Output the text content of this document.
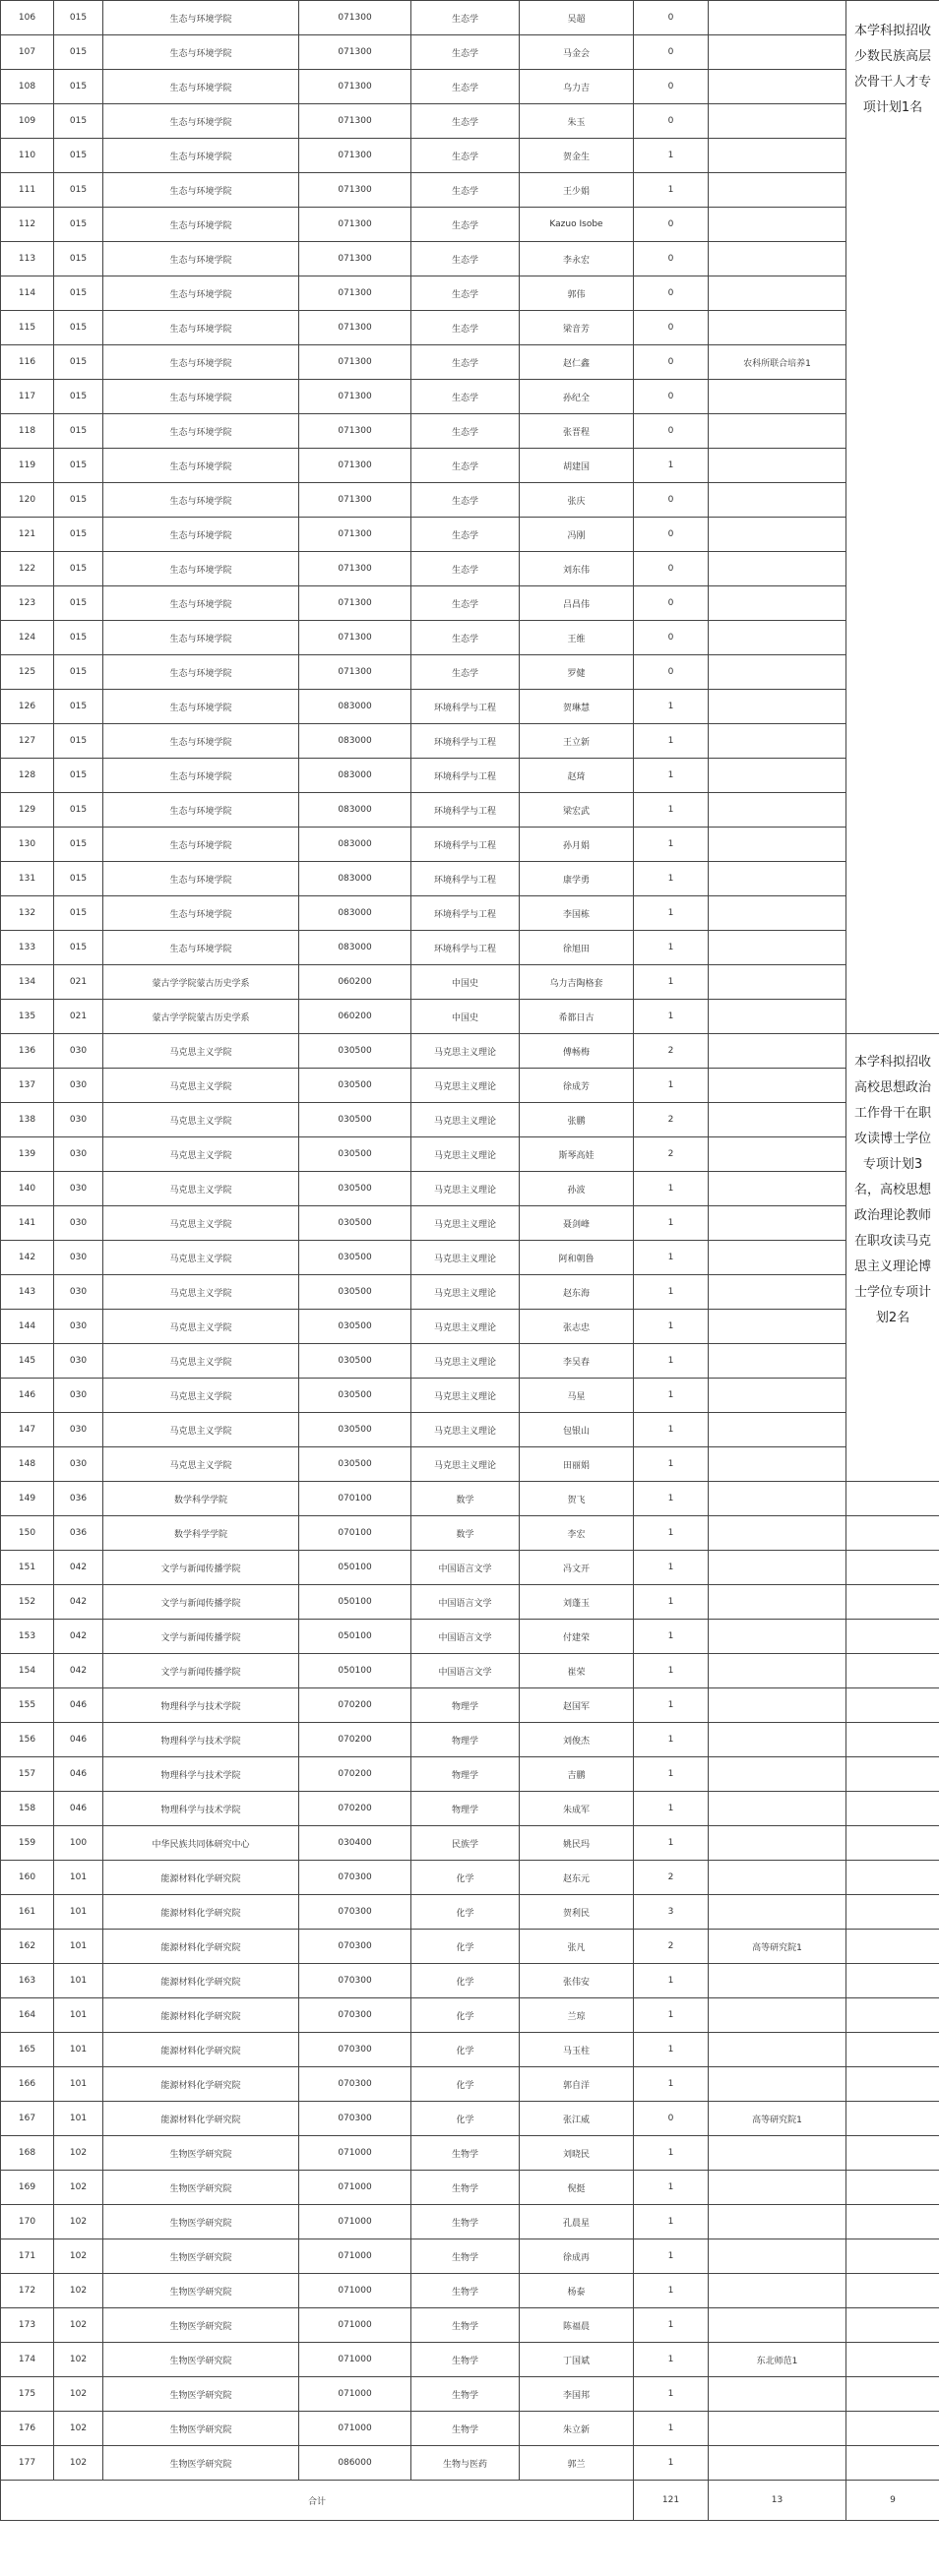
106	015	生态与环境学院	071300	生态学	吴超	0		本学科拟招收少数民族高层次骨干人才专项计划1名
107	015	生态与环境学院	071300	生态学	马金会	0		
108	015	生态与环境学院	071300	生态学	乌力吉	0		
109	015	生态与环境学院	071300	生态学	朱玉	0		
110	015	生态与环境学院	071300	生态学	贺金生	1		
111	015	生态与环境学院	071300	生态学	王少娟	1		
112	015	生态与环境学院	071300	生态学	Kazuo Isobe	0		
113	015	生态与环境学院	071300	生态学	李永宏	0		
114	015	生态与环境学院	071300	生态学	郭伟	0		
115	015	生态与环境学院	071300	生态学	梁音芳	0		
116	015	生态与环境学院	071300	生态学	赵仁鑫	0	农科所联合培养1	
117	015	生态与环境学院	071300	生态学	孙纪全	0		
118	015	生态与环境学院	071300	生态学	张晋程	0		
119	015	生态与环境学院	071300	生态学	胡建国	1		
120	015	生态与环境学院	071300	生态学	张庆	0		
121	015	生态与环境学院	071300	生态学	冯刚	0		
122	015	生态与环境学院	071300	生态学	刘东伟	0		
123	015	生态与环境学院	071300	生态学	吕昌伟	0		
124	015	生态与环境学院	071300	生态学	王维	0		
125	015	生态与环境学院	071300	生态学	罗健	0		
126	015	生态与环境学院	083000	环境科学与工程	贺琳慧	1		
127	015	生态与环境学院	083000	环境科学与工程	王立新	1		
128	015	生态与环境学院	083000	环境科学与工程	赵琦	1		
129	015	生态与环境学院	083000	环境科学与工程	梁宏武	1		
130	015	生态与环境学院	083000	环境科学与工程	孙月娟	1		
131	015	生态与环境学院	083000	环境科学与工程	康学勇	1		
132	015	生态与环境学院	083000	环境科学与工程	李国栋	1		
133	015	生态与环境学院	083000	环境科学与工程	徐旭田	1		
134	021	蒙古学学院蒙古历史学系	060200	中国史	乌力吉陶格套	1		
135	021	蒙古学学院蒙古历史学系	060200	中国史	希都日古	1		
136	030	马克思主义学院	030500	马克思主义理论	傅畅梅	2		本学科拟招收高校思想政治工作骨干在职攻读博士学位专项计划3名，高校思想政治理论教师在职攻读马克思主义理论博士学位专项计划2名
137	030	马克思主义学院	030500	马克思主义理论	徐成芳	1		
138	030	马克思主义学院	030500	马克思主义理论	张鹏	2		
139	030	马克思主义学院	030500	马克思主义理论	斯琴高娃	2		
140	030	马克思主义学院	030500	马克思主义理论	孙波	1		
141	030	马克思主义学院	030500	马克思主义理论	聂剑峰	1		
142	030	马克思主义学院	030500	马克思主义理论	阿和朝鲁	1		
143	030	马克思主义学院	030500	马克思主义理论	赵东海	1		
144	030	马克思主义学院	030500	马克思主义理论	张志忠	1		
145	030	马克思主义学院	030500	马克思主义理论	李吴春	1		
146	030	马克思主义学院	030500	马克思主义理论	马星	1		
147	030	马克思主义学院	030500	马克思主义理论	包银山	1		
148	030	马克思主义学院	030500	马克思主义理论	田丽娟	1		
149	036	数学科学学院	070100	数学	贺飞	1		
150	036	数学科学学院	070100	数学	李宏	1		
151	042	文学与新闻传播学院	050100	中国语言文学	冯文开	1		
152	042	文学与新闻传播学院	050100	中国语言文学	刘蓬玉	1		
153	042	文学与新闻传播学院	050100	中国语言文学	付建荣	1		
154	042	文学与新闻传播学院	050100	中国语言文学	崔荣	1		
155	046	物理科学与技术学院	070200	物理学	赵国军	1		
156	046	物理科学与技术学院	070200	物理学	刘俊杰	1		
157	046	物理科学与技术学院	070200	物理学	吉鹏	1		
158	046	物理科学与技术学院	070200	物理学	朱成军	1		
159	100	中华民族共同体研究中心	030400	民族学	姚民玛	1		
160	101	能源材料化学研究院	070300	化学	赵东元	2		
161	101	能源材料化学研究院	070300	化学	贺利民	3		
162	101	能源材料化学研究院	070300	化学	张凡	2	高等研究院1	
163	101	能源材料化学研究院	070300	化学	张伟安	1		
164	101	能源材料化学研究院	070300	化学	兰琼	1		
165	101	能源材料化学研究院	070300	化学	马玉柱	1		
166	101	能源材料化学研究院	070300	化学	郭自洋	1		
167	101	能源材料化学研究院	070300	化学	张江威	0	高等研究院1	
168	102	生物医学研究院	071000	生物学	刘晓民	1		
169	102	生物医学研究院	071000	生物学	倪挺	1		
170	102	生物医学研究院	071000	生物学	孔晨星	1		
171	102	生物医学研究院	071000	生物学	徐成再	1		
172	102	生物医学研究院	071000	生物学	杨泰	1		
173	102	生物医学研究院	071000	生物学	陈福晨	1		
174	102	生物医学研究院	071000	生物学	丁国斌	1	东北师范1	
175	102	生物医学研究院	071000	生物学	李国邦	1		
176	102	生物医学研究院	071000	生物学	朱立新	1		
177	102	生物医学研究院	086000	生物与医药	郭兰	1		
合计						121	13	9
